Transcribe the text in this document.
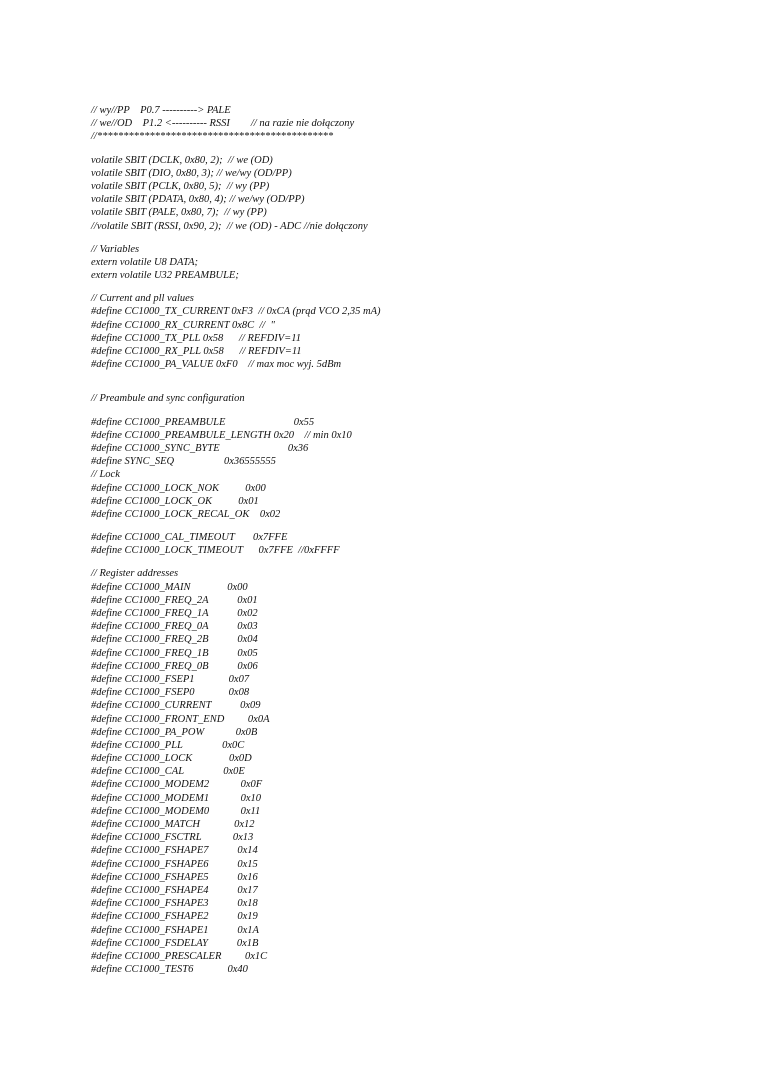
// wy//PP    P0.7 ----------> PALE
// we//OD    P1.2 <---------- RSSI        // na razie nie dołączony
//*********************************************
volatile SBIT (DCLK, 0x80, 2);  // we (OD)
volatile SBIT (DIO, 0x80, 3); // we/wy (OD/PP)
volatile SBIT (PCLK, 0x80, 5);  // wy (PP)
volatile SBIT (PDATA, 0x80, 4); // we/wy (OD/PP)
volatile SBIT (PALE, 0x80, 7);  // wy (PP)
//volatile SBIT (RSSI, 0x90, 2);  // we (OD) - ADC //nie dołączony
// Variables
extern volatile U8 DATA;
extern volatile U32 PREAMBULE;
// Current and pll values
#define CC1000_TX_CURRENT 0xF3  // 0xCA (prąd VCO 2,35 mA)
#define CC1000_RX_CURRENT 0x8C  //  "
#define CC1000_TX_PLL 0x58      // REFDIV=11
#define CC1000_RX_PLL 0x58      // REFDIV=11
#define CC1000_PA_VALUE 0xF0    // max moc wyj. 5dBm
// Preambule and sync configuration
#define CC1000_PREAMBULE                          0x55
#define CC1000_PREAMBULE_LENGTH 0x20    // min 0x10
#define CC1000_SYNC_BYTE                          0x36
#define SYNC_SEQ                   0x36555555
// Lock
#define CC1000_LOCK_NOK          0x00
#define CC1000_LOCK_OK          0x01
#define CC1000_LOCK_RECAL_OK    0x02
#define CC1000_CAL_TIMEOUT       0x7FFE
#define CC1000_LOCK_TIMEOUT      0x7FFE  //0xFFFF
// Register addresses
#define CC1000_MAIN              0x00
#define CC1000_FREQ_2A           0x01
#define CC1000_FREQ_1A           0x02
#define CC1000_FREQ_0A           0x03
#define CC1000_FREQ_2B           0x04
#define CC1000_FREQ_1B           0x05
#define CC1000_FREQ_0B           0x06
#define CC1000_FSEP1             0x07
#define CC1000_FSEP0             0x08
#define CC1000_CURRENT           0x09
#define CC1000_FRONT_END         0x0A
#define CC1000_PA_POW            0x0B
#define CC1000_PLL               0x0C
#define CC1000_LOCK              0x0D
#define CC1000_CAL               0x0E
#define CC1000_MODEM2            0x0F
#define CC1000_MODEM1            0x10
#define CC1000_MODEM0            0x11
#define CC1000_MATCH             0x12
#define CC1000_FSCTRL            0x13
#define CC1000_FSHAPE7           0x14
#define CC1000_FSHAPE6           0x15
#define CC1000_FSHAPE5           0x16
#define CC1000_FSHAPE4           0x17
#define CC1000_FSHAPE3           0x18
#define CC1000_FSHAPE2           0x19
#define CC1000_FSHAPE1           0x1A
#define CC1000_FSDELAY           0x1B
#define CC1000_PRESCALER         0x1C
#define CC1000_TEST6             0x40
